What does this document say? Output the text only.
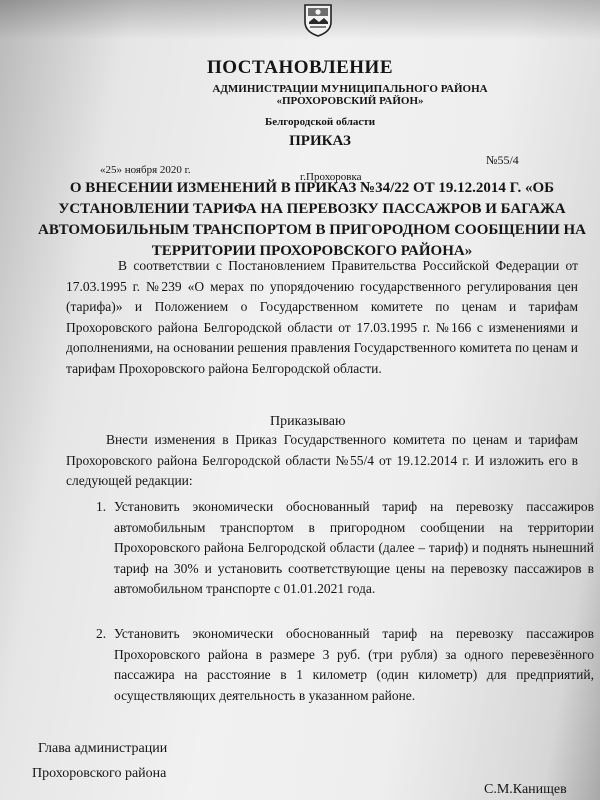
ПОСТАНОВЛЕНИЕ
АДМИНИСТРАЦИИ МУНИЦИПАЛЬНОГО РАЙОНА
«ПРОХОРОВСКИЙ РАЙОН»
Белгородской области
ПРИКАЗ
№55/4
«25» ноября 2020 г.
г.Прохоровка
О ВНЕСЕНИИ ИЗМЕНЕНИЙ В ПРИКАЗ №34/22 ОТ 19.12.2014 Г. «ОБ УСТАНОВЛЕНИИ ТАРИФА НА ПЕРЕВОЗКУ ПАССАЖРОВ И БАГАЖА АВТОМОБИЛЬНЫМ ТРАНСПОРТОМ В ПРИГОРОДНОМ СООБЩЕНИИ НА ТЕРРИТОРИИ ПРОХОРОВСКОГО РАЙОНА»
В соответствии с Постановлением Правительства Российской Федерации от 17.03.1995 г. №239 «О мерах по упорядочению государственного регулирования цен (тарифа)» и Положением о Государственном комитете по ценам и тарифам Прохоровского района Белгородской области от 17.03.1995 г. №166 с изменениями и дополнениями, на основании решения правления Государственного комитета по ценам и тарифам Прохоровского района Белгородской области.
Приказываю
Внести изменения в Приказ Государственного комитета по ценам и тарифам Прохоровского района Белгородской области №55/4 от 19.12.2014 г. И изложить его в следующей редакции:
1. Установить экономически обоснованный тариф на перевозку пассажиров автомобильным транспортом в пригородном сообщении на территории Прохоровского района Белгородской области (далее – тариф) и поднять нынешний тариф на 30% и установить соответствующие цены на перевозку пассажиров в автомобильном транспорте с 01.01.2021 года.
2. Установить экономически обоснованный тариф на перевозку пассажиров Прохоровского района в размере 3 руб. (три рубля) за одного перевезённого пассажира на расстояние в 1 километр (один километр) для предприятий, осуществляющих деятельность в указанном районе.
Глава администрации
Прохоровского района
С.М.Канищев
